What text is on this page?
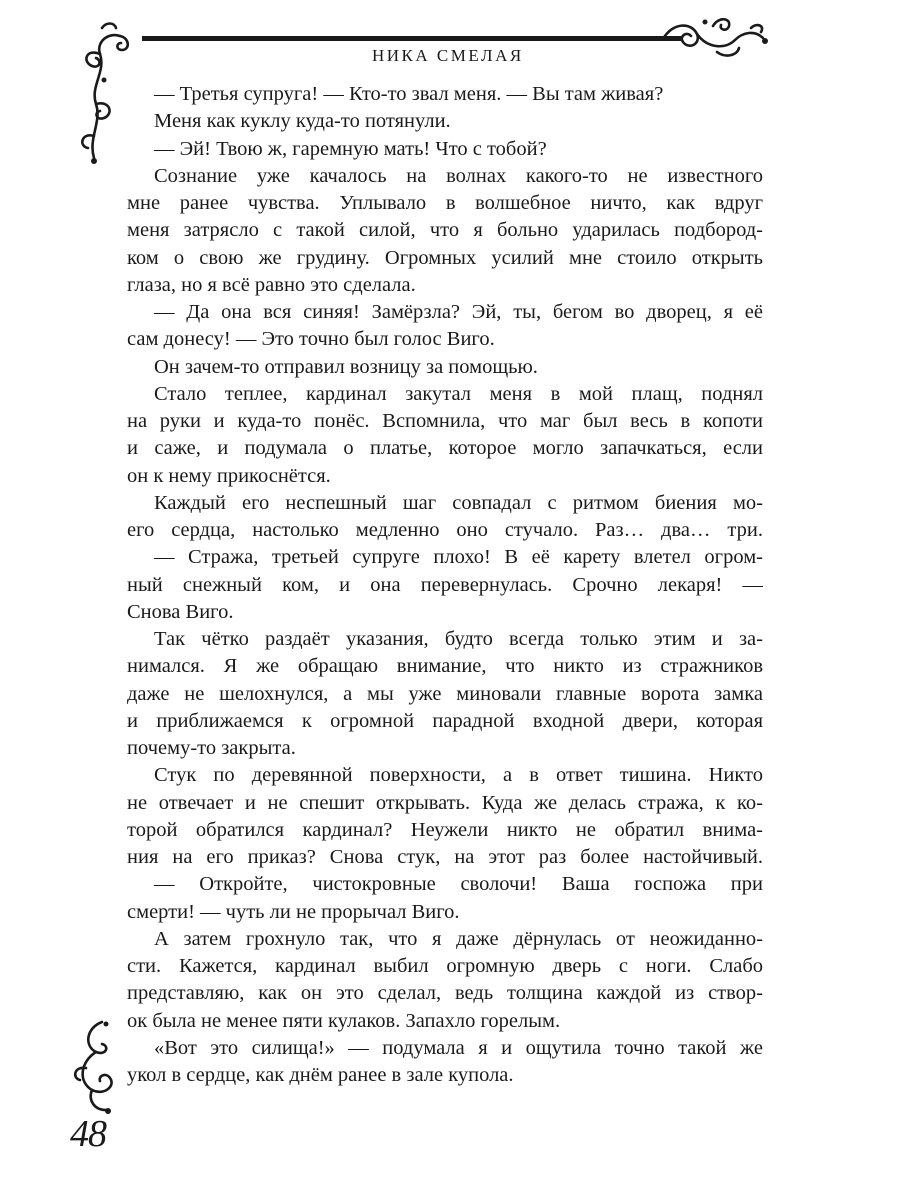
НИКА СМЕЛАЯ
48
— Третья супруга! — Кто-то звал меня. — Вы там живая?
Меня как куклу куда-то потянули.
— Эй! Твою ж, гаремную мать! Что с тобой?
Сознание уже качалось на волнах какого-то не известного
мне ранее чувства. Уплывало в волшебное ничто, как вдруг
меня затрясло с такой силой, что я больно ударилась подбород-
ком о свою же грудину. Огромных усилий мне стоило открыть
глаза, но я всё равно это сделала.
— Да она вся синяя! Замёрзла? Эй, ты, бегом во дворец, я её
сам донесу! — Это точно был голос Виго.
Он зачем-то отправил возницу за помощью.
Стало теплее, кардинал закутал меня в мой плащ, поднял
на руки и куда-то понёс. Вспомнила, что маг был весь в копоти
и саже, и подумала о платье, которое могло запачкаться, если
он к нему прикоснётся.
Каждый его неспешный шаг совпадал с ритмом биения мо-
его сердца, настолько медленно оно стучало. Раз… два… три.
— Стража, третьей супруге плохо! В её карету влетел огром-
ный снежный ком, и она перевернулась. Срочно лекаря! —
Снова Виго.
Так чётко раздаёт указания, будто всегда только этим и за-
нимался. Я же обращаю внимание, что никто из стражников
даже не шелохнулся, а мы уже миновали главные ворота замка
и приближаемся к огромной парадной входной двери, которая
почему-то закрыта.
Стук по деревянной поверхности, а в ответ тишина. Никто
не отвечает и не спешит открывать. Куда же делась стража, к ко-
торой обратился кардинал? Неужели никто не обратил внима-
ния на его приказ? Снова стук, на этот раз более настойчивый.
— Откройте, чистокровные сволочи! Ваша госпожа при
смерти! — чуть ли не прорычал Виго.
А затем грохнуло так, что я даже дёрнулась от неожиданно-
сти. Кажется, кардинал выбил огромную дверь с ноги. Слабо
представляю, как он это сделал, ведь толщина каждой из створ-
ок была не менее пяти кулаков. Запахло горелым.
«Вот это силища!» — подумала я и ощутила точно такой же
укол в сердце, как днём ранее в зале купола.
